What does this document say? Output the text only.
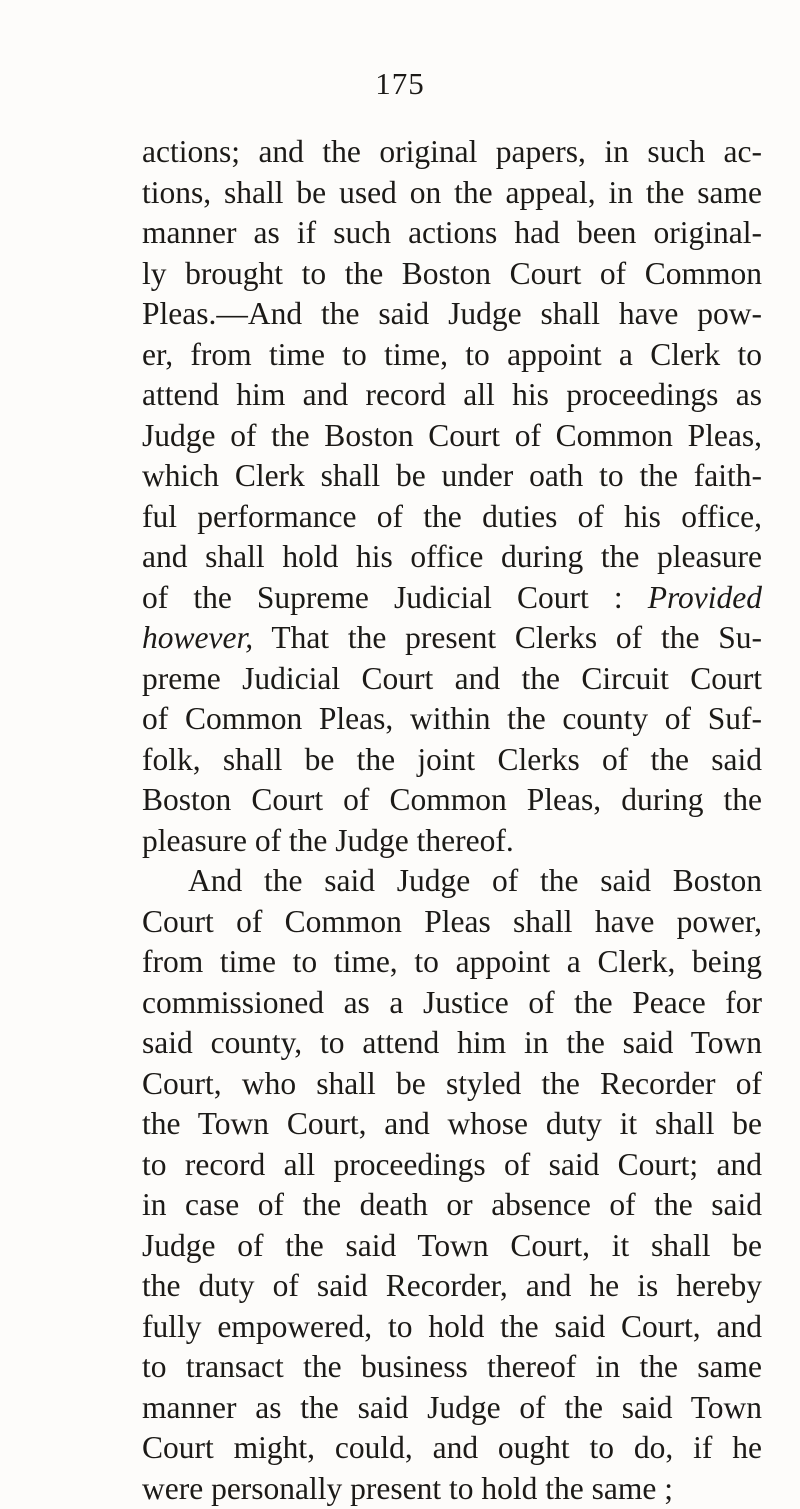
175
actions; and the original papers, in such ac-
tions, shall be used on the appeal, in the same
manner as if such actions had been original-
ly brought to the Boston Court of Common
Pleas.—And the said Judge shall have pow-
er, from time to time, to appoint a Clerk to
attend him and record all his proceedings as
Judge of the Boston Court of Common Pleas,
which Clerk shall be under oath to the faith-
ful performance of the duties of his office,
and shall hold his office during the pleasure
of the Supreme Judicial Court : Provided
however, That the present Clerks of the Su-
preme Judicial Court and the Circuit Court
of Common Pleas, within the county of Suf-
folk, shall be the joint Clerks of the said
Boston Court of Common Pleas, during the
pleasure of the Judge thereof.
And the said Judge of the said Boston
Court of Common Pleas shall have power,
from time to time, to appoint a Clerk, being
commissioned as a Justice of the Peace for
said county, to attend him in the said Town
Court, who shall be styled the Recorder of
the Town Court, and whose duty it shall be
to record all proceedings of said Court; and
in case of the death or absence of the said
Judge of the said Town Court, it shall be
the duty of said Recorder, and he is hereby
fully empowered, to hold the said Court, and
to transact the business thereof in the same
manner as the said Judge of the said Town
Court might, could, and ought to do, if he
were personally present to hold the same ;
